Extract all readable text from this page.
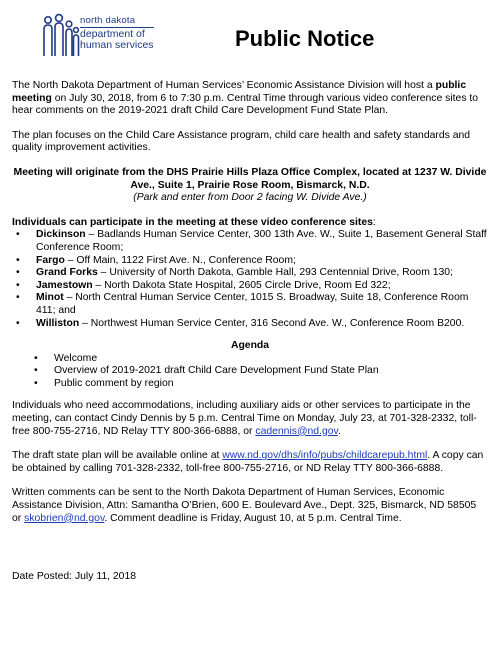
north dakota
department of
human services	Public Notice

The North Dakota Department of Human Services’ Economic Assistance Division will host a public meeting on July 30, 2018, from 6 to 7:30 p.m. Central Time through various video conference sites to hear comments on the 2019-2021 draft Child Care Development Fund State Plan.

The plan focuses on the Child Care Assistance program, child care health and safety standards and quality improvement activities.

Meeting will originate from the DHS Prairie Hills Plaza Office Complex, located at 1237 W. Divide Ave., Suite 1, Prairie Rose Room, Bismarck, N.D.
(Park and enter from Door 2 facing W. Divide Ave.)

Individuals can participate in the meeting at these video conference sites:
• Dickinson – Badlands Human Service Center, 300 13th Ave. W., Suite 1, Basement General Staff Conference Room;
• Fargo – Off Main, 1122 First Ave. N., Conference Room;
• Grand Forks – University of North Dakota, Gamble Hall, 293 Centennial Drive, Room 130;
• Jamestown – North Dakota State Hospital, 2605 Circle Drive, Room Ed 322;
• Minot – North Central Human Service Center, 1015 S. Broadway, Suite 18, Conference Room 411; and
• Williston – Northwest Human Service Center, 316 Second Ave. W., Conference Room B200.
Agenda
• Welcome
• Overview of 2019-2021 draft Child Care Development Fund State Plan
• Public comment by region

Individuals who need accommodations, including auxiliary aids or other services to participate in the meeting, can contact Cindy Dennis by 5 p.m. Central Time on Monday, July 23, at 701-328-2332, toll-free 800-755-2716, ND Relay TTY 800-366-6888, or cadennis@nd.gov.

The draft state plan will be available online at www.nd.gov/dhs/info/pubs/childcarepub.html. A copy can be obtained by calling 701-328-2332, toll-free 800-755-2716, or ND Relay TTY 800-366-6888.

Written comments can be sent to the North Dakota Department of Human Services, Economic Assistance Division, Attn: Samantha O’Brien, 600 E. Boulevard Ave., Dept. 325, Bismarck, ND 58505 or skobrien@nd.gov. Comment deadline is Friday, August 10, at 5 p.m. Central Time.

Date Posted: July 11, 2018
